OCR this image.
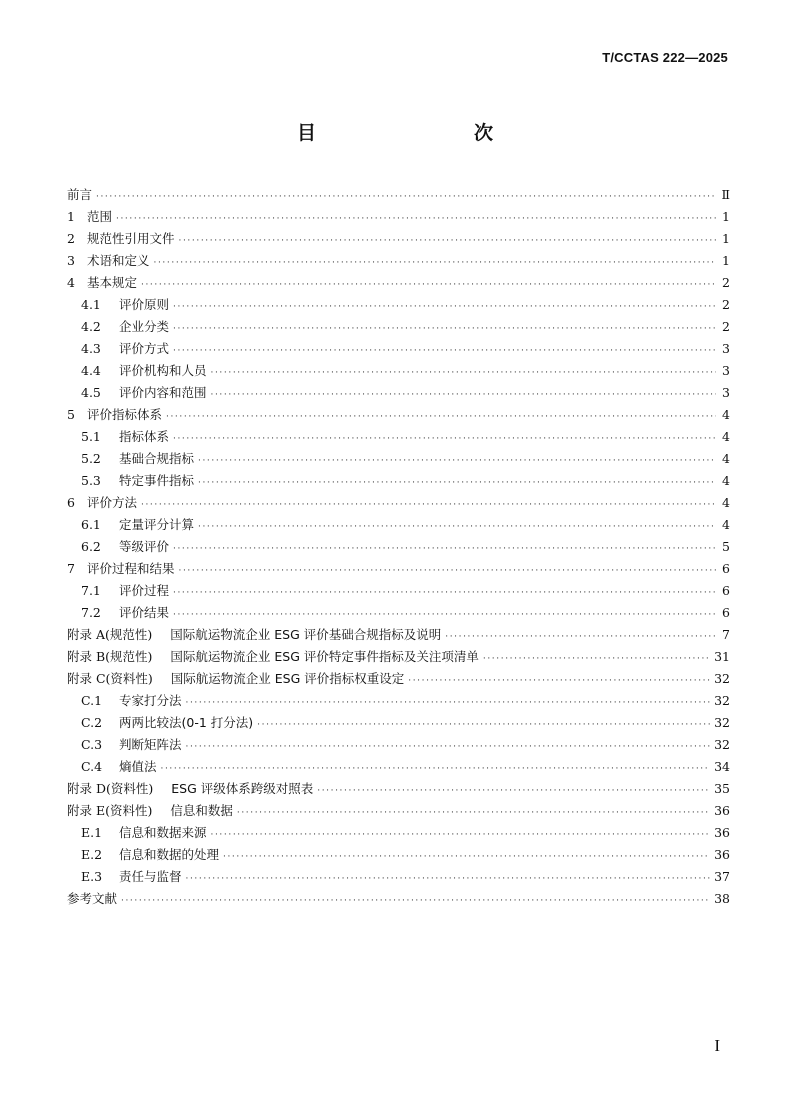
T/CCTAS 222—2025
目　　次
前言 ·····	Ⅱ
1 范围 ·····	1
2 规范性引用文件 ·····	1
3 术语和定义 ·····	1
4 基本规定 ·····	2
4.1	评价原则 ·····	2
4.2	企业分类 ·····	2
4.3	评价方式 ·····	3
4.4	评价机构和人员 ·····	3
4.5	评价内容和范围 ·····	3
5 评价指标体系 ·····	4
5.1	指标体系 ·····	4
5.2	基础合规指标 ·····	4
5.3	特定事件指标 ·····	4
6 评价方法 ·····	4
6.1	定量评分计算 ·····	4
6.2	等级评价 ·····	5
7 评价过程和结果 ·····	6
7.1	评价过程 ·····	6
7.2	评价结果 ·····	6
附录 A(规范性) 国际航运物流企业 ESG 评价基础合规指标及说明 ·····	7
附录 B(规范性) 国际航运物流企业 ESG 评价特定事件指标及关注项清单 ·····	31
附录 C(资料性) 国际航运物流企业 ESG 评价指标权重设定 ·····	32
C.1	专家打分法 ·····	32
C.2	两两比较法(0-1 打分法) ·····	32
C.3	判断矩阵法 ·····	32
C.4	熵值法 ·····	34
附录 D(资料性) ESG 评级体系跨级对照表 ·····	35
附录 E(资料性) 信息和数据 ·····	36
E.1	信息和数据来源 ·····	36
E.2	信息和数据的处理 ·····	36
E.3	责任与监督 ·····	37
参考文献 ·····	38
I
